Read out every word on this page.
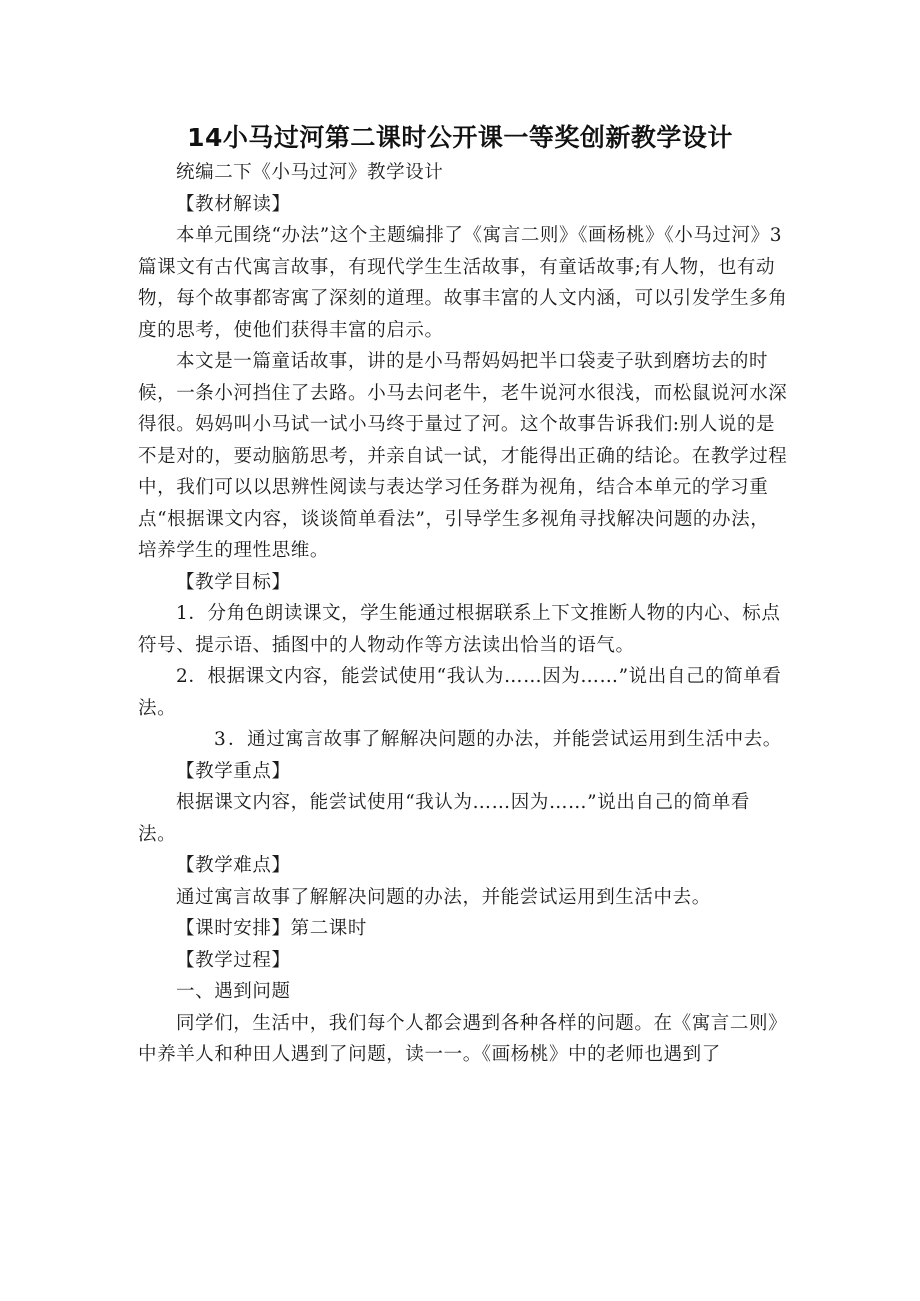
14小马过河第二课时公开课一等奖创新教学设计

统编二下《小马过河》教学设计

【教材解读】

本单元围绕“办法”这个主题编排了《寓言二则》《画杨桃》《小马过河》3篇课文有古代寓言故事，有现代学生生活故事，有童话故事;有人物，也有动物，每个故事都寄寓了深刻的道理。故事丰富的人文内涵，可以引发学生多角度的思考，使他们获得丰富的启示。

本文是一篇童话故事，讲的是小马帮妈妈把半口袋麦子驮到磨坊去的时候，一条小河挡住了去路。小马去问老牛，老牛说河水很浅，而松鼠说河水深得很。妈妈叫小马试一试小马终于量过了河。这个故事告诉我们:别人说的是不是对的，要动脑筋思考，并亲自试一试，才能得出正确的结论。在教学过程中，我们可以以思辨性阅读与表达学习任务群为视角，结合本单元的学习重点“根据课文内容，谈谈简单看法”，引导学生多视角寻找解决问题的办法，培养学生的理性思维。

【教学目标】

1．分角色朗读课文，学生能通过根据联系上下文推断人物的内心、标点符号、提示语、插图中的人物动作等方法读出恰当的语气。

2．根据课文内容，能尝试使用“我认为……因为……”说出自己的简单看法。

3．通过寓言故事了解解决问题的办法，并能尝试运用到生活中去。

【教学重点】

根据课文内容，能尝试使用“我认为……因为……”说出自己的简单看法。

【教学难点】

通过寓言故事了解解决问题的办法，并能尝试运用到生活中去。

【课时安排】第二课时

【教学过程】

一、遇到问题

同学们，生活中，我们每个人都会遇到各种各样的问题。在《寓言二则》中养羊人和种田人遇到了问题，读一一。《画杨桃》中的老师也遇到了
